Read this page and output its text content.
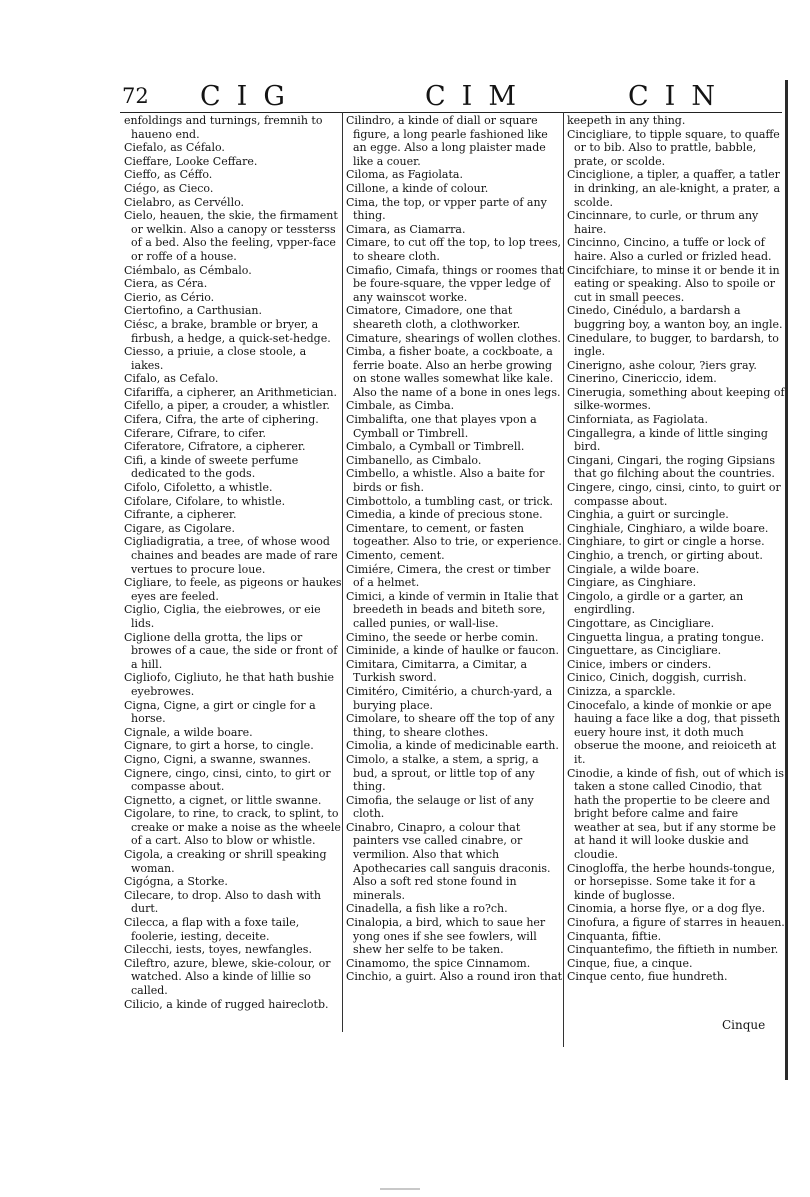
72 CIG	CIM	CIN

enfoldings and turnings, fremnih to haueno end.

Ciefalo, as Céfalo.

Cieffare, Looke Ceffare.

Cieffo, as Céffo.

Ciégo, as Cieco.

Cielabro, as Cervéllo.

Cielo, heauen, the skie, the firmament or welkin. Also a canopy or tessterss of a bed. Also the feeling, vpper-face or roffe of a house.

Ciémbalo, as Cémbalo.

Ciera, as Céra.

Cierio, as Cério.

Ciertofino, a Carthusian.

Ciésc, a brake, bramble or bryer, a firbush, a hedge, a quick-set-hedge.

Ciesso, a priuie, a close stoole, a iakes.

Cifalo, as Cefalo.

Cifariffa, a cipherer, an Arithmetician.

Cifello, a piper, a crouder, a whistler.

Cifera, Cifra, the arte of ciphering.

Ciferare, Cifrare, to cifer.

Ciferatore, Cifratore, a cipherer.

Cifi, a kinde of sweete perfume dedicated to the gods.

Cifolo, Cifoletto, a whistle.

Cifolare, Cifolare, to whistle.

Cifrante, a cipherer.

Cigare, as Cigolare.

Cigliadigratia, a tree, of whose wood chaines and beades are made of rare vertues to procure loue.

Cigliare, to feele, as pigeons or haukes eyes are feeled.

Ciglio, Ciglia, the eiebrowes, or eie lids.

Ciglione della grotta, the lips or browes of a caue, the side or front of a hill.

Cigliofo, Cigliuto, he that hath bushie eyebrowes.

Cigna, Cigne, a girt or cingle for a horse.

Cignale, a wilde boare.

Cignare, to girt a horse, to cingle.

Cigno, Cigni, a swanne, swannes.

Cignere, cingo, cinsi, cinto, to girt or compasse about.

Cignetto, a cignet, or little swanne.

Cigolare, to rine, to crack, to splint, to creake or make a noise as the wheele of a cart. Also to blow or whistle.

Cigola, a creaking or shrill speaking woman.

Cigógna, a Storke.

Cilecare, to drop. Also to dash with durt.

Cilecca, a flap with a foxe taile, foolerie, iesting, deceite.

Cilecchi, iests, toyes, newfangles.

Cileftro, azure, blewe, skie-colour, or watched. Also a kinde of lillie so called.

Cilicio, a kinde of rugged haireclotb.

Cilindro, a kinde of diall or square figure, a long pearle fashioned like an egge. Also a long plaister made like a couer.

Ciloma, as Fagiolata.

Cillone, a kinde of colour.

Cima, the top, or vpper parte of any thing.

Cimara, as Ciamarra.

Cimare, to cut off the top, to lop trees, to sheare cloth.

Cimafio, Cimafa, things or roomes that be foure-square, the vpper ledge of any wainscot worke.

Cimatore, Cimadore, one that sheareth cloth, a clothworker.

Cimature, shearings of wollen clothes.

Cimba, a fisher boate, a cockboate, a ferrie boate. Also an herbe growing on stone walles somewhat like kale. Also the name of a bone in ones legs.

Cimbale, as Cimba.

Cimbalifta, one that playes vpon a Cymball or Timbrell.

Cimbalo, a Cymball or Timbrell.

Cimbanello, as Cimbalo.

Cimbello, a whistle. Also a baite for birds or fish.

Cimbottolo, a tumbling cast, or trick.

Cimedia, a kinde of precious stone.

Cimentare, to cement, or fasten togeather. Also to trie, or experience.

Cimento, cement.

Cimiére, Cimera, the crest or timber of a helmet.

Cimici, a kinde of vermin in Italie that breedeth in beads and biteth sore, called punies, or wall-lise.

Cimino, the seede or herbe comin.

Ciminide, a kinde of haulke or faucon.

Cimitara, Cimitarra, a Cimitar, a Turkish sword.

Cimitéro, Cimitério, a church-yard, a burying place.

Cimolare, to sheare off the top of any thing, to sheare clothes.

Cimolia, a kinde of medicinable earth.

Cimolo, a stalke, a stem, a sprig, a bud, a sprout, or little top of any thing.

Cimofia, the selauge or list of any cloth.

Cinabro, Cinapro, a colour that painters vse called cinabre, or vermilion. Also that which Apothecaries call sanguis draconis. Also a soft red stone found in minerals.

Cinadella, a fish like a ro?ch.

Cinalopia, a bird, which to saue her yong ones if she see fowlers, will shew her selfe to be taken.

Cinamomo, the spice Cinnamom.

Cinchio, a guirt. Also a round iron that

keepeth in any thing.

Cincigliare, to tipple square, to quaffe or to bib. Also to prattle, babble, prate, or scolde.

Cinciglione, a tipler, a quaffer, a tatler in drinking, an ale-knight, a prater, a scolde.

Cincinnare, to curle, or thrum any haire.

Cincinno, Cincino, a tuffe or lock of haire. Also a curled or frizled head.

Cincifchiare, to minse it or bende it in eating or speaking. Also to spoile or cut in small peeces.

Cinedo, Cinédulo, a bardarsh a buggring boy, a wanton boy, an ingle.

Cinedulare, to bugger, to bardarsh, to ingle.

Cinerigno, ashe colour, ?iers gray.

Cinerino, Cinericcio, idem.

Cinerugia, something about keeping of silke-wormes.

Cinforniata, as Fagiolata.

Cingallegra, a kinde of little singing bird.

Cingani, Cingari, the roging Gipsians that go filching about the countries.

Cingere, cingo, cinsi, cinto, to guirt or compasse about.

Cinghia, a guirt or surcingle.

Cinghiale, Cinghiaro, a wilde boare.

Cinghiare, to girt or cingle a horse.

Cinghio, a trench, or girting about.

Cingiale, a wilde boare.

Cingiare, as Cinghiare.

Cingolo, a girdle or a garter, an engirdling.

Cingottare, as Cincigliare.

Cinguetta lingua, a prating tongue.

Cinguettare, as Cincigliare.

Cinice, imbers or cinders.

Cinico, Cinich, doggish, currish.

Cinizza, a sparckle.

Cinocefalo, a kinde of monkie or ape hauing a face like a dog, that pisseth euery houre inst, it doth much obserue the moone, and reioiceth at it.

Cinodie, a kinde of fish, out of which is taken a stone called Cinodio, that hath the propertie to be cleere and bright before calme and faire weather at sea, but if any storme be at hand it will looke duskie and cloudie.

Cinogloffa, the herbe hounds-tongue, or horsepisse. Some take it for a kinde of buglosse.

Cinomia, a horse flye, or a dog flye.

Cinofura, a figure of starres in heauen.

Cinquanta, fiftie.

Cinquantefimo, the fiftieth in number.

Cinque, fiue, a cinque.

Cinque cento, fiue hundreth.

Cinque
